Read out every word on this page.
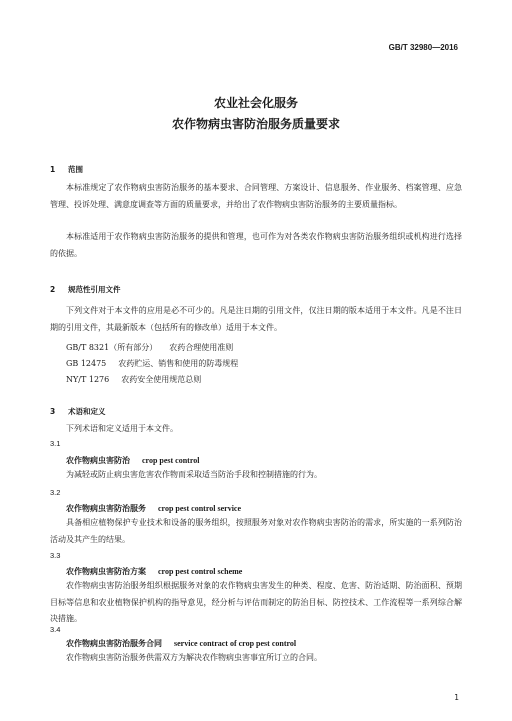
GB/T 32980—2016
农业社会化服务
农作物病虫害防治服务质量要求
1 范围
本标准规定了农作物病虫害防治服务的基本要求、合同管理、方案设计、信息服务、作业服务、档案管理、应急管理、投诉处理、满意度调查等方面的质量要求，并给出了农作物病虫害防治服务的主要质量指标。
本标准适用于农作物病虫害防治服务的提供和管理，也可作为对各类农作物病虫害防治服务组织或机构进行选择的依据。
2 规范性引用文件
下列文件对于本文件的应用是必不可少的。凡是注日期的引用文件，仅注日期的版本适用于本文件。凡是不注日期的引用文件，其最新版本（包括所有的修改单）适用于本文件。
GB/T 8321（所有部分） 农药合理使用准则
GB 12475 农药贮运、销售和使用的防毒规程
NY/T 1276 农药安全使用规范总则
3 术语和定义
下列术语和定义适用于本文件。
3.1
农作物病虫害防治 crop pest control
为减轻或防止病虫害危害农作物而采取适当防治手段和控制措施的行为。
3.2
农作物病虫害防治服务 crop pest control service
具备相应植物保护专业技术和设备的服务组织，按照服务对象对农作物病虫害防治的需求，所实施的一系列防治活动及其产生的结果。
3.3
农作物病虫害防治方案 crop pest control scheme
农作物病虫害防治服务组织根据服务对象的农作物病虫害发生的种类、程度、危害、防治适期、防治面积、预期目标等信息和农业植物保护机构的指导意见，经分析与评估而制定的防治目标、防控技术、工作流程等一系列综合解决措施。
3.4
农作物病虫害防治服务合同 service contract of crop pest control
农作物病虫害防治服务供需双方为解决农作物病虫害事宜所订立的合同。
1
